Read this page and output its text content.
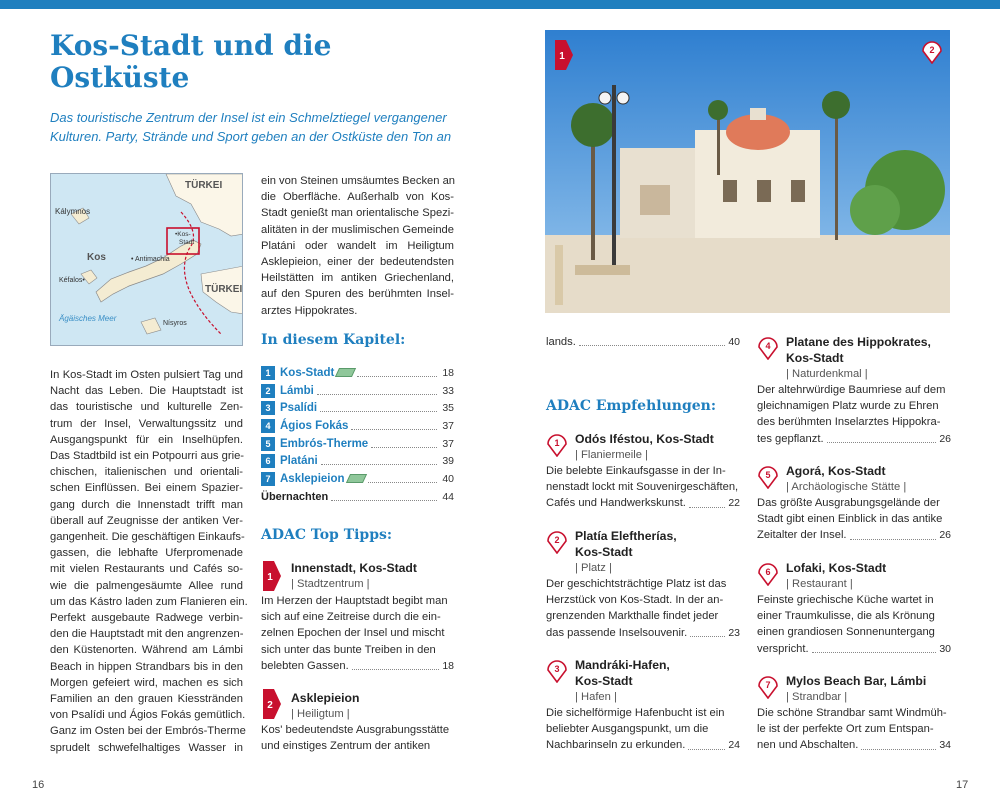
Kos-Stadt und die
Ostküste
Das touristische Zentrum der Insel ist ein Schmelztiegel vergangener
Kulturen. Party, Strände und Sport geben an der Ostküste den Ton an
TÜRKEI
TÜRKEI
Kálymnos
Kos
•Kos-
Stadt
• Antimachia
Kéfalos•
Ägäisches Meer
Nísyros
In Kos-Stadt im Osten pulsiert Tag und
Nacht das Leben. Die Hauptstadt ist
das touristische und kulturelle Zen-
trum der Insel, Verwaltungssitz und
Ausgangspunkt für ein Inselhüpfen.
Das Stadtbild ist ein Potpourri aus grie-
chischen, italienischen und orientali-
schen Einflüssen. Bei einem Spazier-
gang durch die Innenstadt trifft man
überall auf Zeugnisse der antiken Ver-
gangenheit. Die geschäftigen Einkaufs-
gassen, die lebhafte Uferpromenade
mit vielen Restaurants und Cafés so-
wie die palmengesäumte Allee rund
um das Kástro laden zum Flanieren ein.
Perfekt ausgebaute Radwege verbin-
den die Hauptstadt mit den angrenzen-
den Küstenorten. Während am Lámbi
Beach in hippen Strandbars bis in den
Morgen gefeiert wird, machen es sich
Familien an den grauen Kiesstränden
von Psalídi und Ágios Fokás gemütlich.
Ganz im Osten bei der Embrós-Therme
sprudelt schwefelhaltiges Wasser in
ein von Steinen umsäumtes Becken an
die Oberfläche. Außerhalb von Kos-
Stadt genießt man orientalische Spezi-
alitäten in der muslimischen Gemeinde
Platáni oder wandelt im Heiligtum
Asklepieion, einer der bedeutendsten
Heilstätten im antiken Griechenland,
auf den Spuren des berühmten Insel-
arztes Hippokrates.
In diesem Kapitel:
1 Kos-Stadt	18
2 Lámbi	33
3 Psalídi	35
4 Ágios Fokás	37
5 Embrós-Therme	37
6 Platáni	39
7 Asklepieion	40
Übernachten	44
ADAC Top Tipps:
1
Innenstadt, Kos-Stadt
| Stadtzentrum |
Im Herzen der Hauptstadt begibt man
sich auf eine Zeitreise durch die ein-
zelnen Epochen der Insel und mischt
sich unter das bunte Treiben in den
belebten Gassen.	18
2
Asklepieion
| Heiligtum |
Kos' bedeutendste Ausgrabungsstätte
und einstiges Zentrum der antiken
16
1
2
lands.	40
ADAC Empfehlungen:
1 Odós Iféstou, Kos-Stadt
| Flaniermeile |
Die belebte Einkaufsgasse in der In-
nenstadt lockt mit Souvenirgeschäften,
Cafés und Handwerkskunst.	22
2 Platía Eleftherías,
Kos-Stadt
| Platz |
Der geschichtsträchtige Platz ist das
Herzstück von Kos-Stadt. In der an-
grenzenden Markthalle findet jeder
das passende Inselsouvenir.	23
3 Mandráki-Hafen,
Kos-Stadt
| Hafen |
Die sichelförmige Hafenbucht ist ein
beliebter Ausgangspunkt, um die
Nachbarinseln zu erkunden.	24
4 Platane des Hippokrates,
Kos-Stadt
| Naturdenkmal |
Der altehrwürdige Baumriese auf dem
gleichnamigen Platz wurde zu Ehren
des berühmten Inselarztes Hippokra-
tes gepflanzt.	26
5 Agorá, Kos-Stadt
| Archäologische Stätte |
Das größte Ausgrabungsgelände der
Stadt gibt einen Einblick in das antike
Zeitalter der Insel.	26
6 Lofaki, Kos-Stadt
| Restaurant |
Feinste griechische Küche wartet in
einer Traumkulisse, die als Krönung
einen grandiosen Sonnenuntergang
verspricht.	30
7 Mylos Beach Bar, Lámbi
| Strandbar |
Die schöne Strandbar samt Windmüh-
le ist der perfekte Ort zum Entspan-
nen und Abschalten.	34
17
